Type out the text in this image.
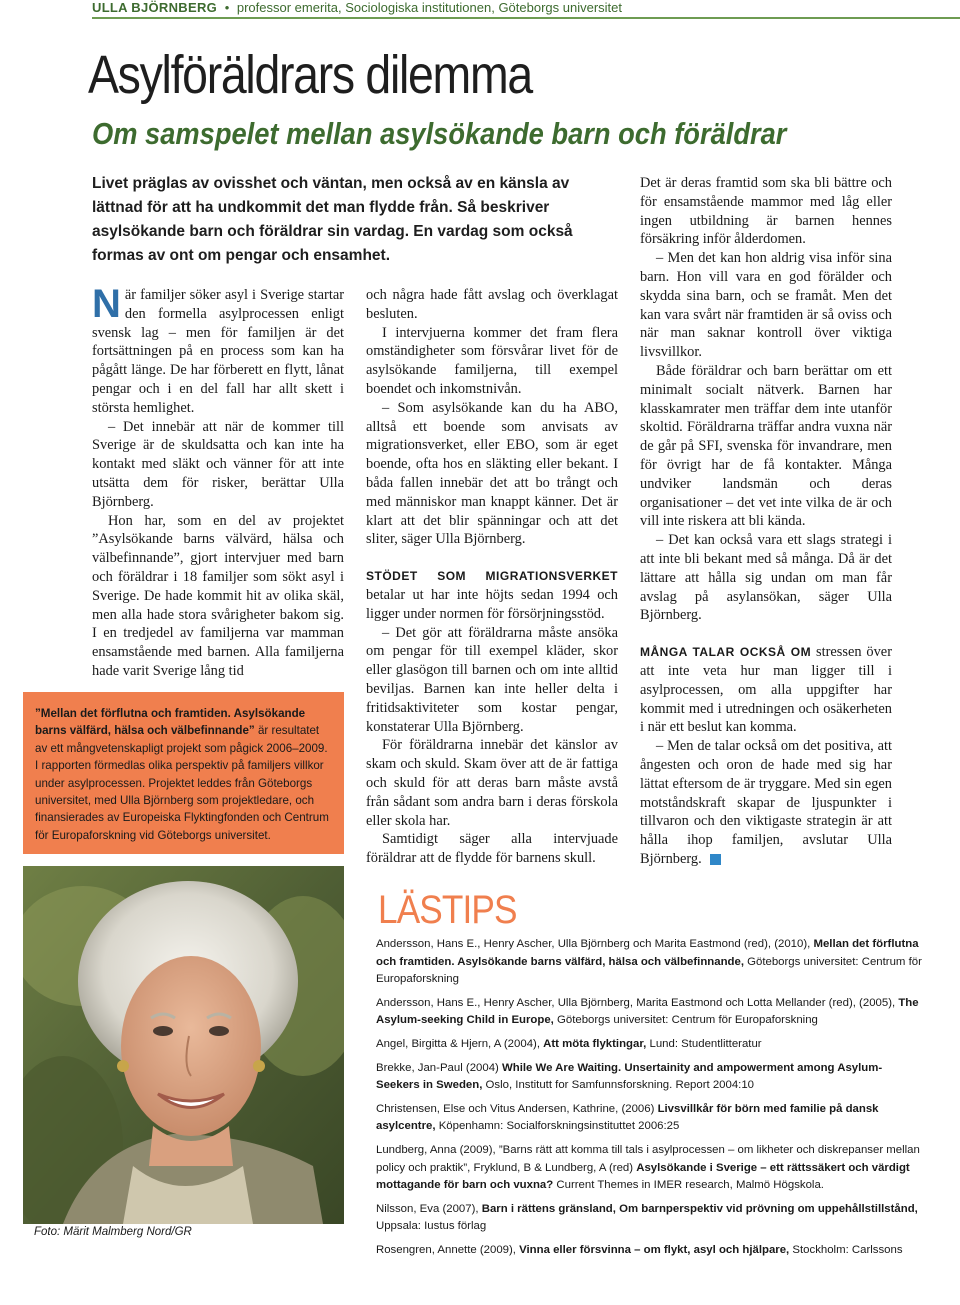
ULLA BJÖRNBERG • professor emerita, Sociologiska institutionen, Göteborgs universitet
Asylföräldrars dilemma
Om samspelet mellan asylsökande barn och föräldrar
Livet präglas av ovisshet och väntan, men också av en känsla av lättnad för att ha undkommit det man flydde från. Så beskriver asylsökande barn och föräldrar sin vardag. En vardag som också formas av ont om pengar och ensamhet.

När familjer söker asyl i Sverige startar den formella asylprocessen enligt svensk lag – men för familjen är det fortsättningen på en process som kan ha pågått länge. De har förberett en flytt, lånat pengar och i en del fall har allt skett i största hemlighet.

– Det innebär att när de kommer till Sverige är de skuldsatta och kan inte ha kontakt med släkt och vänner för att inte utsätta dem för risker, berättar Ulla Björnberg.

Hon har, som en del av projektet ”Asylsökande barns välvärd, hälsa och välbefinnande”, gjort intervjuer med barn och föräldrar i 18 familjer som sökt asyl i Sverige. De hade kommit hit av olika skäl, men alla hade stora svårigheter bakom sig. I en tredjedel av familjerna var mamman ensamstående med barnen. Alla familjerna hade varit Sverige lång tid

och några hade fått avslag och överklagat besluten.

I intervjuerna kommer det fram flera omständigheter som försvårar livet för de asylsökande familjerna, till exempel boendet och inkomstnivån.

– Som asylsökande kan du ha ABO, alltså ett boende som anvisats av migrationsverket, eller EBO, som är eget boende, ofta hos en släkting eller bekant. I båda fallen innebär det att bo trångt och med människor man knappt känner. Det är klart att det blir spänningar och att det sliter, säger Ulla Björnberg.

STÖDET SOM MIGRATIONSVERKET betalar ut har inte höjts sedan 1994 och ligger under normen för försörjningsstöd.

– Det gör att föräldrarna måste ansöka om pengar för till exempel kläder, skor eller glasögon till barnen och om inte alltid beviljas. Barnen kan inte heller delta i fritidsaktiviteter som kostar pengar, konstaterar Ulla Björnberg.

För föräldrarna innebär det känslor av skam och skuld. Skam över att de är fattiga och skuld för att deras barn måste avstå från sådant som andra barn i deras förskola eller skola har.

Samtidigt säger alla intervjuade föräldrar att de flydde för barnens skull.

Det är deras framtid som ska bli bättre och för ensamstående mammor med låg eller ingen utbildning är barnen hennes försäkring inför ålderdomen.

– Men det kan hon aldrig visa inför sina barn. Hon vill vara en god förälder och skydda sina barn, och se framåt. Men det kan vara svårt när framtiden är så oviss och när man saknar kontroll över viktiga livsvillkor.

Både föräldrar och barn berättar om ett minimalt socialt nätverk. Barnen har klasskamrater men träffar dem inte utanför skoltid. Föräldrarna träffar andra vuxna när de går på SFI, svenska för invandrare, men för övrigt har de få kontakter. Många undviker landsmän och deras organisationer – det vet inte vilka de är och vill inte riskera att bli kända.

– Det kan också vara ett slags strategi i att inte bli bekant med så många. Då är det lättare att hålla sig undan om man får avslag på asylansökan, säger Ulla Björnberg.

MÅNGA TALAR OCKSÅ OM stressen över att inte veta hur man ligger till i asylprocessen, om alla uppgifter har kommit med i utredningen och osäkerheten i när ett beslut kan komma.

– Men de talar också om det positiva, att ångesten och oron de hade med sig har lättat eftersom de är tryggare. Med sin egen motståndskraft skapar de ljuspunkter i tillvaron och den viktigaste strategin är att hålla ihop familjen, avslutar Ulla Björnberg.

”Mellan det förflutna och framtiden. Asylsökande barns välfärd, hälsa och välbefinnande” är resultatet av ett mångvetenskapligt projekt som pågick 2006–2009. I rapporten förmedlas olika perspektiv på familjers villkor under asylprocessen. Projektet leddes från Göteborgs universitet, med Ulla Björnberg som projektledare, och finansierades av Europeiska Flyktingfonden och Centrum för Europaforskning vid Göteborgs universitet.
Foto: Märit Malmberg Nord/GR
LÄSTIPS
Andersson, Hans E., Henry Ascher, Ulla Björnberg och Marita Eastmond (red), (2010), Mellan det förflutna och framtiden. Asylsökande barns välfärd, hälsa och välbefinnande, Göteborgs universitet: Centrum för Europaforskning
Andersson, Hans E., Henry Ascher, Ulla Björnberg, Marita Eastmond och Lotta Mellander (red), (2005), The Asylum-seeking Child in Europe, Göteborgs universitet: Centrum för Europaforskning
Angel, Birgitta & Hjern, A (2004), Att möta flyktingar, Lund: Studentlitteratur
Brekke, Jan-Paul (2004) While We Are Waiting. Unsertainity and ampowerment among Asylum-Seekers in Sweden, Oslo, Institutt for Samfunnsforskning. Report 2004:10
Christensen, Else och Vitus Andersen, Kathrine, (2006) Livsvillkår för börn med familie på dansk asylcentre, Köpenhamn: Socialforskningsinstituttet 2006:25
Lundberg, Anna (2009), ”Barns rätt att komma till tals i asylprocessen – om likheter och diskrepanser mellan policy och praktik”, Fryklund, B & Lundberg, A (red) Asylsökande i Sverige – ett rättssäkert och värdigt mottagande för barn och vuxna? Current Themes in IMER research, Malmö Högskola.
Nilsson, Eva (2007), Barn i rättens gränsland, Om barnperspektiv vid prövning om uppehållstillstånd, Uppsala: Iustus förlag
Rosengren, Annette (2009), Vinna eller försvinna – om flykt, asyl och hjälpare, Stockholm: Carlssons
